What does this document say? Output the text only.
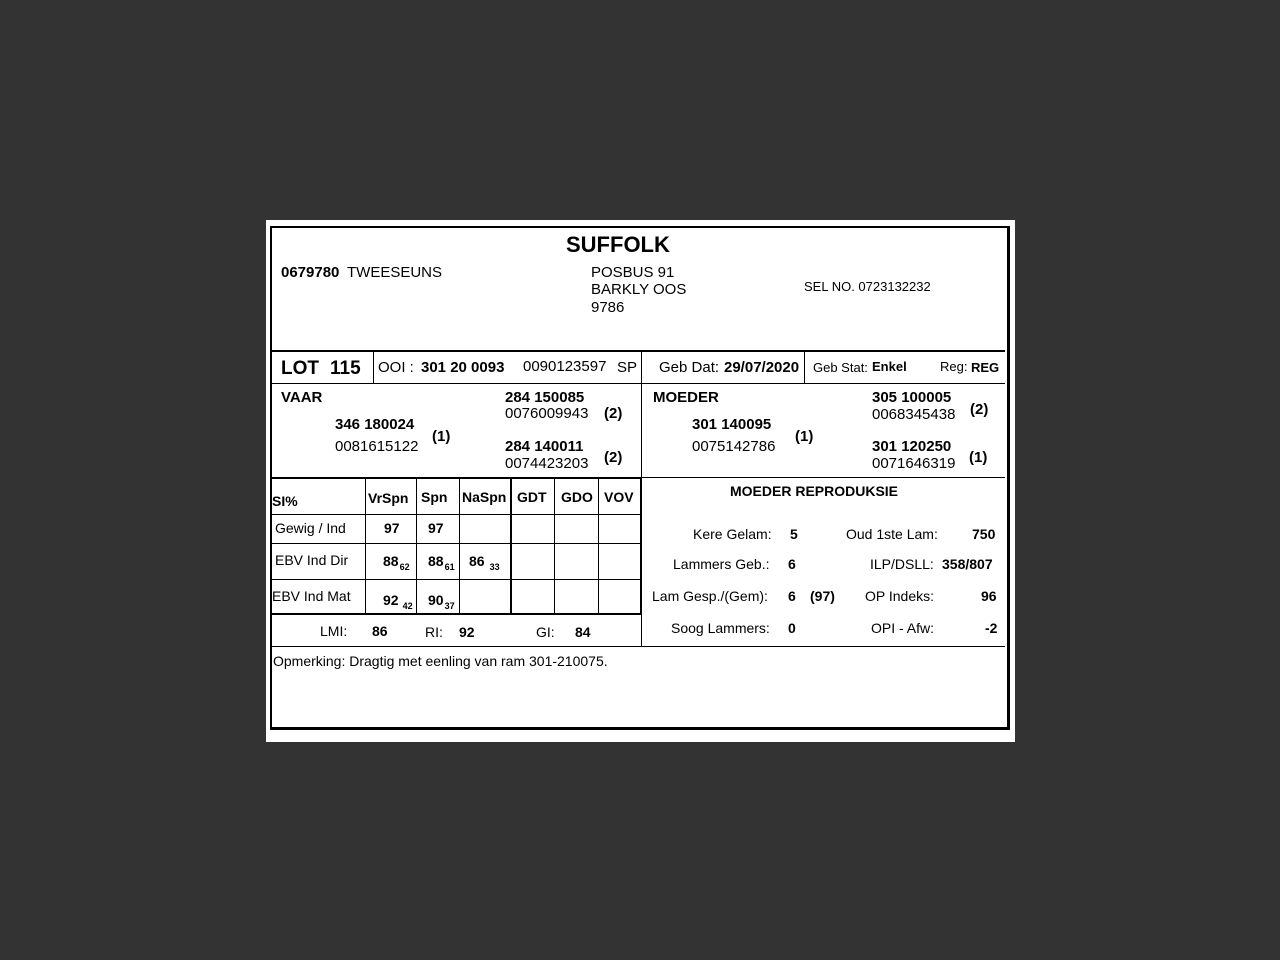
SUFFOLK
0679780 TWEESEUNS	POSBUS 91
BARKLY OOS
9786
SEL NO. 0723132232
LOT 115 OOI : 301 20 0093 0090123597 SP Geb Dat: 29/07/2020 Geb Stat: Enkel	Reg: REG
VAAR	284 150085
0076009943 (2)
346 180024
0081615122
(1)
284 140011
0074423203 (2)
MOEDER	305 100005
0068345438 (2)
301 140095
0075142786
(1)
301 120250
0071646319 (1)
SI%	VrSpn Spn NaSpn GDT GDO VOV
Gewig / Ind	97 97
EBV Ind Dir $88_{62}$ $88_{61}$ 86 $_{33}$
EBV Ind Mat 92 $_{42}$ $90_{37}$
LMI: 86	RI: 92	GI: 84
MOEDER REPRODUKSIE
Kere Gelam: 5	Oud 1ste Lam: 750
Lammers Geb.: 6	ILP/DSLL: 358/807
Lam Gesp./(Gem): 6 (97) OP Indeks:	96
Soog Lammers: 0	OPI - Afw:	-2
Opmerking: Dragtig met eenling van ram 301-210075.
